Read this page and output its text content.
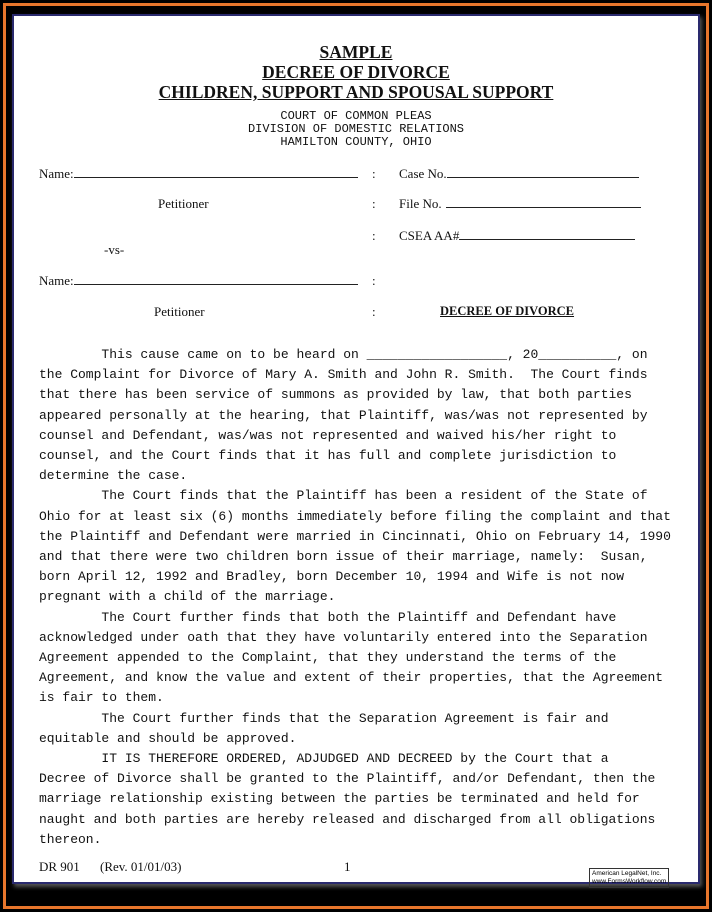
SAMPLE
DECREE OF DIVORCE
CHILDREN, SUPPORT AND SPOUSAL SUPPORT
COURT OF COMMON PLEAS
DIVISION OF DOMESTIC RELATIONS
HAMILTON COUNTY, OHIO
Name:
Petitioner
-vs-
Name:
Petitioner
:
:
:
:
:
Case No.
File No.
CSEA AA#
DECREE OF DIVORCE
This cause came on to be heard on __________________, 20__________, on
the Complaint for Divorce of Mary A. Smith and John R. Smith.  The Court finds
that there has been service of summons as provided by law, that both parties
appeared personally at the hearing, that Plaintiff, was/was not represented by
counsel and Defendant, was/was not represented and waived his/her right to
counsel, and the Court finds that it has full and complete jurisdiction to
determine the case.
The Court finds that the Plaintiff has been a resident of the State of
Ohio for at least six (6) months immediately before filing the complaint and that
the Plaintiff and Defendant were married in Cincinnati, Ohio on February 14, 1990
and that there were two children born issue of their marriage, namely:  Susan,
born April 12, 1992 and Bradley, born December 10, 1994 and Wife is not now
pregnant with a child of the marriage.
The Court further finds that both the Plaintiff and Defendant have
acknowledged under oath that they have voluntarily entered into the Separation
Agreement appended to the Complaint, that they understand the terms of the
Agreement, and know the value and extent of their properties, that the Agreement
is fair to them.
The Court further finds that the Separation Agreement is fair and
equitable and should be approved.
IT IS THEREFORE ORDERED, ADJUDGED AND DECREED by the Court that a
Decree of Divorce shall be granted to the Plaintiff, and/or Defendant, then the
marriage relationship existing between the parties be terminated and held for
naught and both parties are hereby released and discharged from all obligations
thereon.
DR 901 (Rev. 01/01/03)	1	American LegalNet, Inc.
www.FormsWorkflow.com
